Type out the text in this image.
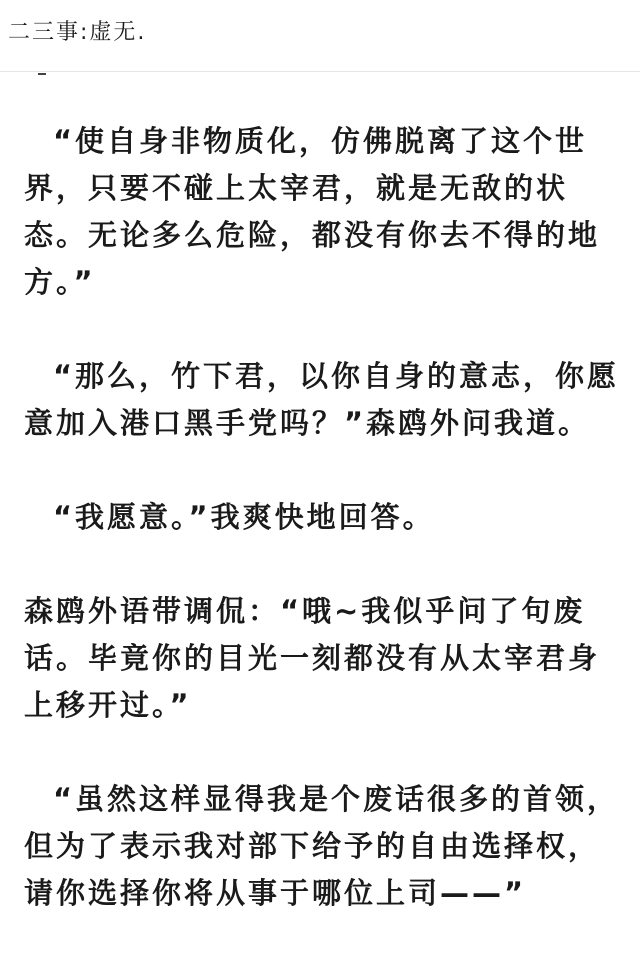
二三事:虚无.

“使自身非物质化，仿佛脱离了这个世界，只要不碰上太宰君，就是无敌的状态。无论多么危险，都没有你去不得的地方。”

“那么，竹下君，以你自身的意志，你愿意加入港口黑手党吗？”森鸥外问我道。

“我愿意。”我爽快地回答。

森鸥外语带调侃：“哦~我似乎问了句废话。毕竟你的目光一刻都没有从太宰君身上移开过。”

“虽然这样显得我是个废话很多的首领，但为了表示我对部下给予的自由选择权，请你选择你将从事于哪位上司——”
